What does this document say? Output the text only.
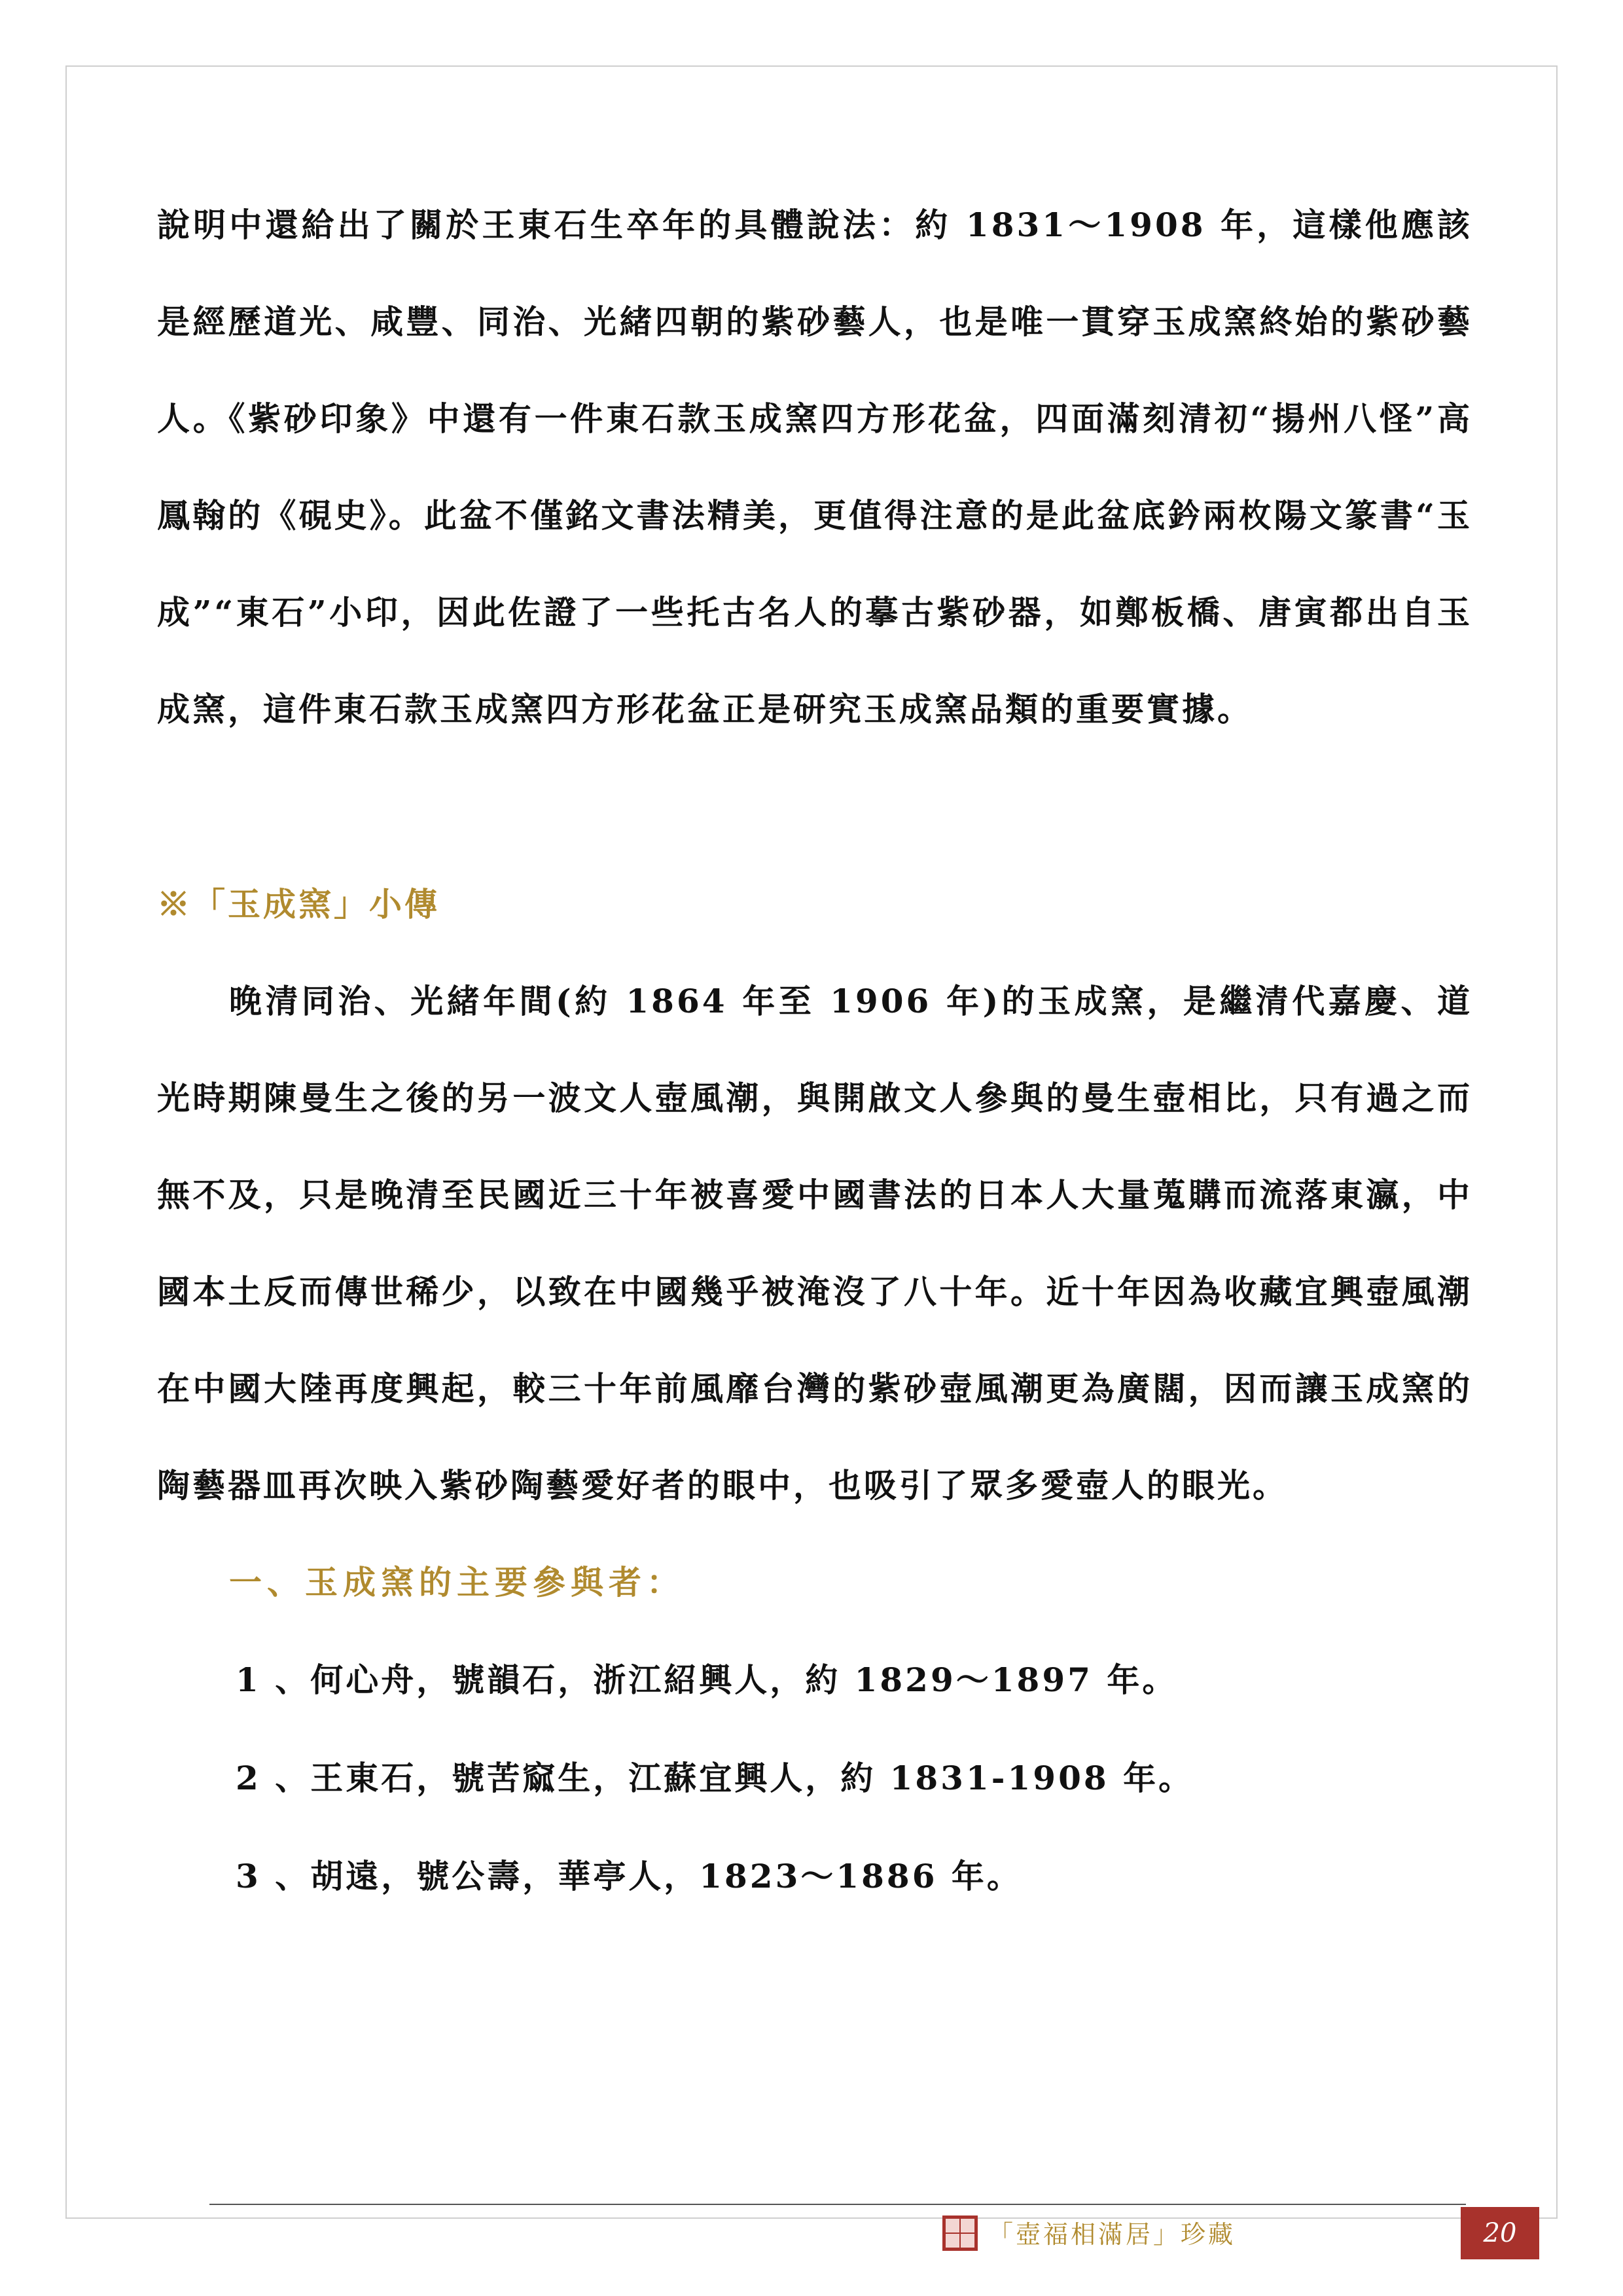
說明中還給出了關於王東石生卒年的具體說法：約 1831～1908 年，這樣他應該是經歷道光、咸豐、同治、光緒四朝的紫砂藝人，也是唯一貫穿玉成窯終始的紫砂藝人。《紫砂印象》中還有一件東石款玉成窯四方形花盆，四面滿刻清初“揚州八怪”高鳳翰的《硯史》。此盆不僅銘文書法精美，更值得注意的是此盆底鈐兩枚陽文篆書“玉成”“東石”小印，因此佐證了一些托古名人的摹古紫砂器，如鄭板橋、唐寅都出自玉成窯，這件東石款玉成窯四方形花盆正是研究玉成窯品類的重要實據。

※「玉成窯」小傳

晚清同治、光緒年間(約 1864 年至 1906 年)的玉成窯，是繼清代嘉慶、道光時期陳曼生之後的另一波文人壺風潮，與開啟文人參與的曼生壺相比，只有過之而無不及，只是晚清至民國近三十年被喜愛中國書法的日本人大量蒐購而流落東瀛，中國本土反而傳世稀少，以致在中國幾乎被淹沒了八十年。近十年因為收藏宜興壺風潮在中國大陸再度興起，較三十年前風靡台灣的紫砂壺風潮更為廣闊，因而讓玉成窯的陶藝器皿再次映入紫砂陶藝愛好者的眼中，也吸引了眾多愛壺人的眼光。

一、玉成窯的主要參與者：

1 、何心舟，號韻石，浙江紹興人，約 1829～1897 年。
2 、王東石，號苦窳生，江蘇宜興人，約 1831-1908 年。
3 、胡遠，號公壽，華亭人，1823～1886 年。
「壺福相滿居」珍藏	20
